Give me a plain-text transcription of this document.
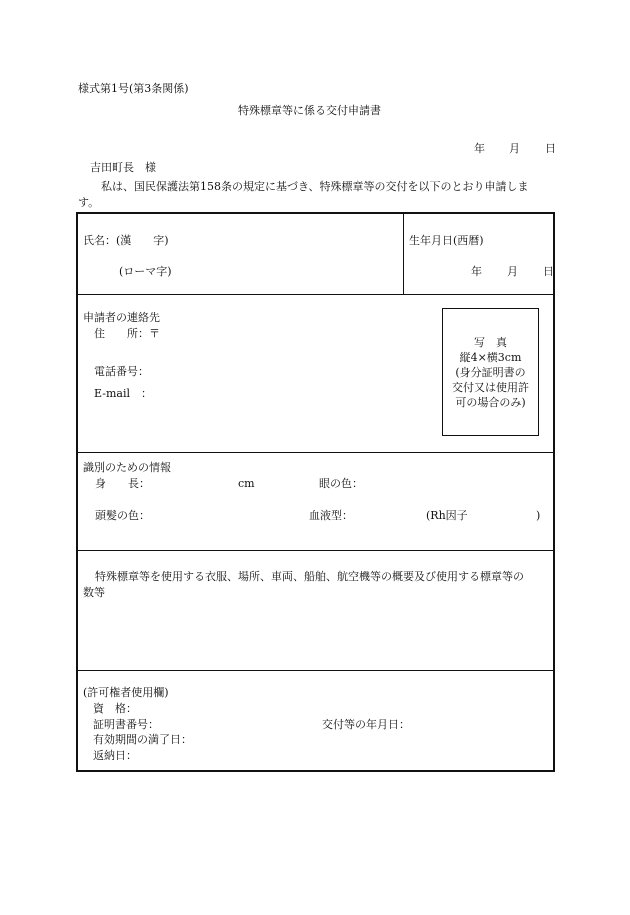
様式第1号(第3条関係)
特殊標章等に係る交付申請書
年 月 日
吉田町長　様
私は、国民保護法第158条の規定に基づき、特殊標章等の交付を以下のとおり申請しま
す。
氏名：(漢　　字)
(ローマ字)
生年月日(西暦)
年 月 日
申請者の連絡先
住　　所：〒
電話番号：
E-mail　：
写　真
縦4×横3cm
(身分証明書の
交付又は使用許
可の場合のみ)
識別のための情報
身　　長：	cm	眼の色：
頭髪の色：	血液型：	(Rh因子	)
特殊標章等を使用する衣服、場所、車両、船舶、航空機等の概要及び使用する標章等の
数等
(許可権者使用欄)
資　格：
証明書番号：	交付等の年月日：
有効期間の満了日：
返納日：
